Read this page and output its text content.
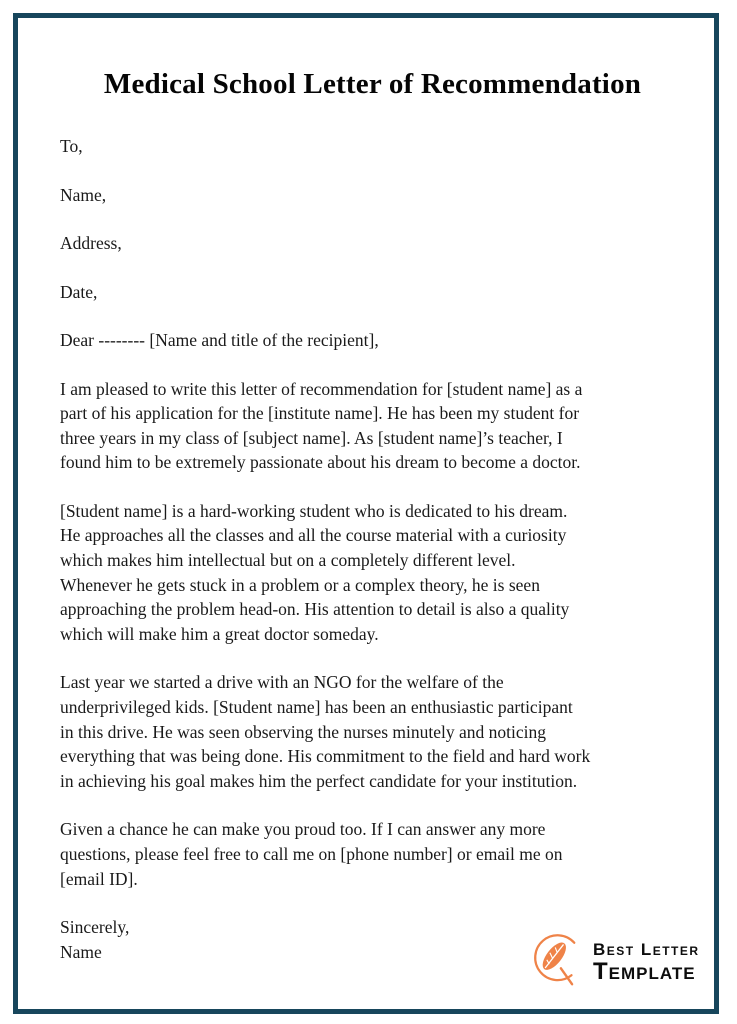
Medical School Letter of Recommendation
To,
Name,
Address,
Date,
Dear -------- [Name and title of the recipient],
I am pleased to write this letter of recommendation for [student name] as a
part of his application for the [institute name]. He has been my student for
three years in my class of [subject name]. As [student name]’s teacher, I
found him to be extremely passionate about his dream to become a doctor.
[Student name] is a hard-working student who is dedicated to his dream.
He approaches all the classes and all the course material with a curiosity
which makes him intellectual but on a completely different level.
Whenever he gets stuck in a problem or a complex theory, he is seen
approaching the problem head-on. His attention to detail is also a quality
which will make him a great doctor someday.
Last year we started a drive with an NGO for the welfare of the
underprivileged kids. [Student name] has been an enthusiastic participant
in this drive. He was seen observing the nurses minutely and noticing
everything that was being done. His commitment to the field and hard work
in achieving his goal makes him the perfect candidate for your institution.
Given a chance he can make you proud too. If I can answer any more
questions, please feel free to call me on [phone number] or email me on
[email ID].
Sincerely,
Name	Best Letter
Template
